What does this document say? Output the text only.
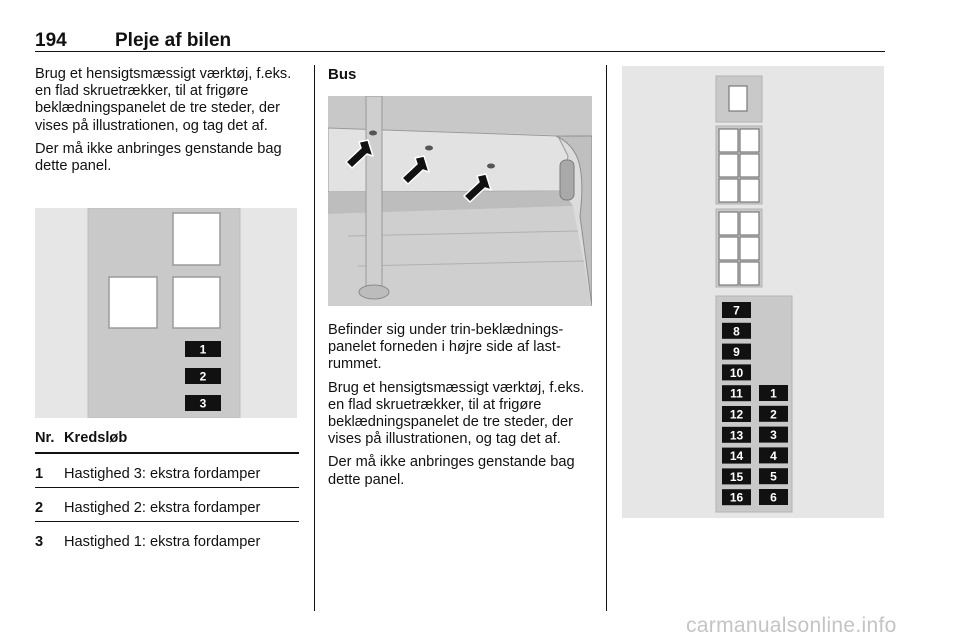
194	Pleje af bilen

Brug et hensigtsmæssigt værktøj, f.eks. en flad skruetrækker, til at frigøre beklædningspanelet de tre steder, der vises på illustrationen, og tag det af.

Der må ikke anbringes genstande bag dette panel.

1
2
3
Nr. Kredsløb
1	Hastighed 3: ekstra fordamper
2	Hastighed 2: ekstra fordamper
3	Hastighed 1: ekstra fordamper
Bus

Befinder sig under trin-beklædnings-panelet forneden i højre side af last-rummet.

Brug et hensigtsmæssigt værktøj, f.eks. en flad skruetrækker, til at frigøre beklædningspanelet de tre steder, der vises på illustrationen, og tag det af.

Der må ikke anbringes genstande bag dette panel.

7
8
9
10
11
12
13
14
15
16
1
2
3
4
5
6
carmanualsonline.info
